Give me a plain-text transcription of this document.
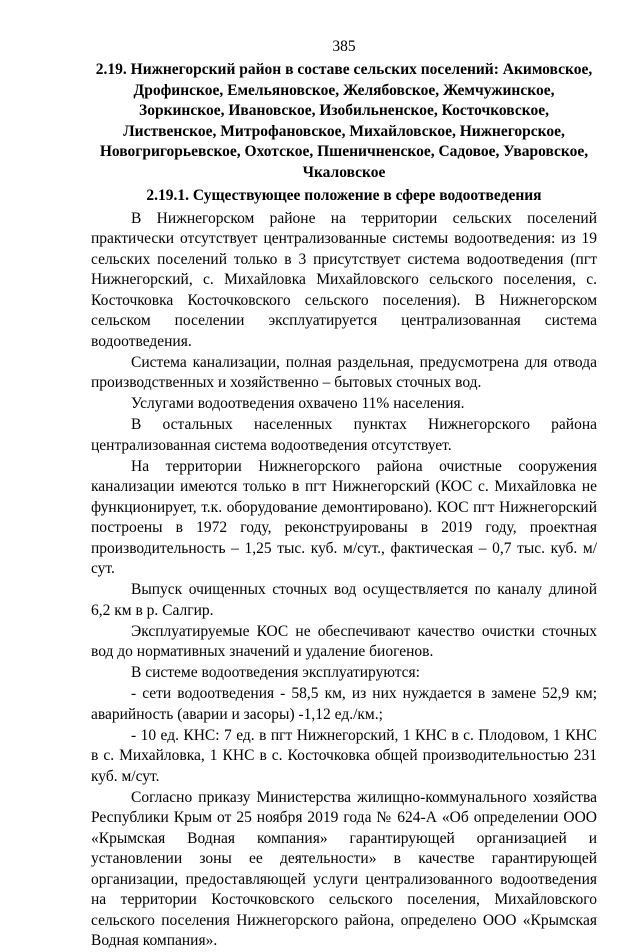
385
2.19. Нижнегорский район в составе сельских поселений: Акимовское, Дрофинское, Емельяновское, Желябовское, Жемчужинское, Зоркинское, Ивановское, Изобильненское, Косточковское, Лиственское, Митрофановское, Михайловское, Нижнегорское, Новогригорьевское, Охотское, Пшеничненское, Садовое, Уваровское, Чкаловское
2.19.1. Существующее положение в сфере водоотведения

В Нижнегорском районе на территории сельских поселений практически отсутствует централизованные системы водоотведения: из 19 сельских поселений только в 3 присутствует система водоотведения (пгт Нижнегорский, с. Михайловка Михайловского сельского поселения, с. Косточковка Косточковского сельского поселения). В Нижнегорском сельском поселении эксплуатируется централизованная система водоотведения.

Система канализации, полная раздельная, предусмотрена для отвода производственных и хозяйственно – бытовых сточных вод.

Услугами водоотведения охвачено 11% населения.

В остальных населенных пунктах Нижнегорского района централизованная система водоотведения отсутствует.

На территории Нижнегорского района очистные сооружения канализации имеются только в пгт Нижнегорский (КОС с. Михайловка не функционирует, т.к. оборудование демонтировано). КОС пгт Нижнегорский построены в 1972 году, реконструированы в 2019 году, проектная производительность – 1,25 тыс. куб. м/сут., фактическая – 0,7 тыс. куб. м/сут.

Выпуск очищенных сточных вод осуществляется по каналу длиной 6,2 км в р. Салгир.

Эксплуатируемые КОС не обеспечивают качество очистки сточных вод до нормативных значений и удаление биогенов.

В системе водоотведения эксплуатируются:

- сети водоотведения - 58,5 км, из них нуждается в замене 52,9 км; аварийность (аварии и засоры) -1,12 ед./км.;

- 10 ед. КНС: 7 ед. в пгт Нижнегорский, 1 КНС в с. Плодовом, 1 КНС в с. Михайловка, 1 КНС в с. Косточковка общей производительностью 231 куб. м/сут.

Согласно приказу Министерства жилищно-коммунального хозяйства Республики Крым от 25 ноября 2019 года № 624-А «Об определении ООО «Крымская Водная компания» гарантирующей организацией и установлении зоны ее деятельности» в качестве гарантирующей организации, предоставляющей услуги централизованного водоотведения на территории Косточковского сельского поселения, Михайловского сельского поселения Нижнегорского района, определено ООО «Крымская Водная компания».
